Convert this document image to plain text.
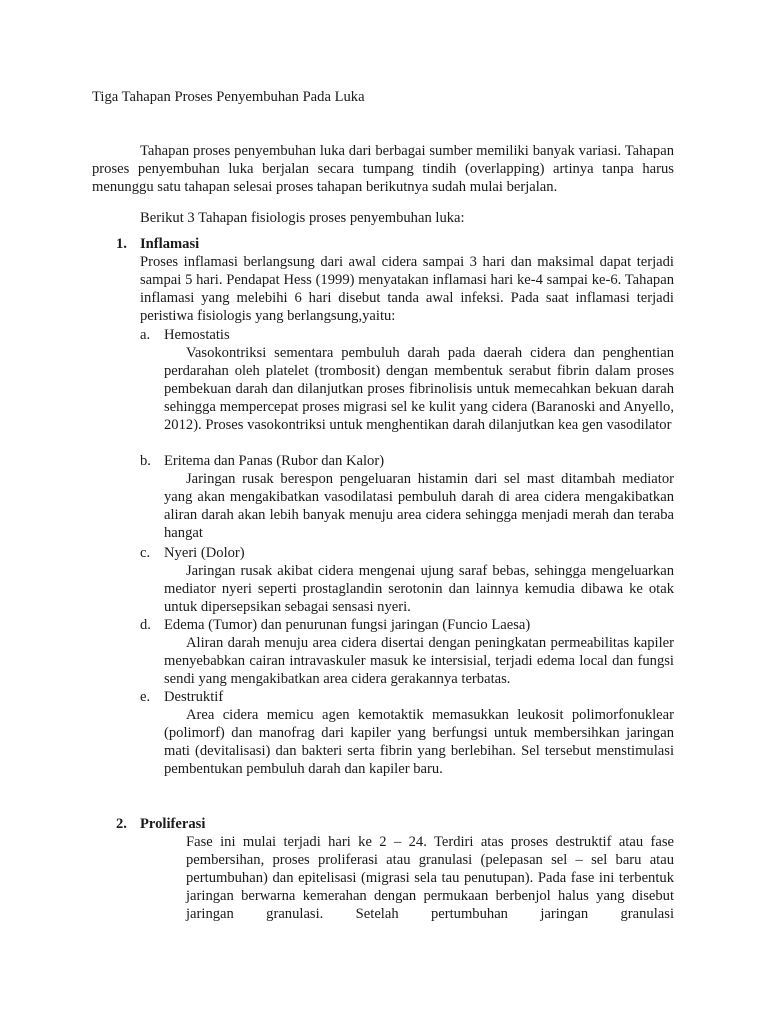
Tiga Tahapan Proses Penyembuhan Pada Luka
Tahapan proses penyembuhan luka dari berbagai sumber memiliki banyak variasi. Tahapan proses penyembuhan luka berjalan secara tumpang tindih (overlapping) artinya tanpa harus menunggu satu tahapan selesai proses tahapan berikutnya sudah mulai berjalan.
Berikut 3 Tahapan fisiologis proses penyembuhan luka:
1. Inflamasi
Proses inflamasi berlangsung dari awal cidera sampai 3 hari dan maksimal dapat terjadi sampai 5 hari. Pendapat Hess (1999) menyatakan inflamasi hari ke-4 sampai ke-6. Tahapan inflamasi yang melebihi 6 hari disebut tanda awal infeksi. Pada saat inflamasi terjadi peristiwa fisiologis yang berlangsung,yaitu:
a. Hemostatis
Vasokontriksi sementara pembuluh darah pada daerah cidera dan penghentian perdarahan oleh platelet (trombosit) dengan membentuk serabut fibrin dalam proses pembekuan darah dan dilanjutkan proses fibrinolisis untuk memecahkan bekuan darah sehingga mempercepat proses migrasi sel ke kulit yang cidera (Baranoski and Anyello, 2012). Proses vasokontriksi untuk menghentikan darah dilanjutkan kea gen vasodilator
b. Eritema dan Panas (Rubor dan Kalor)
Jaringan rusak berespon pengeluaran histamin dari sel mast ditambah mediator yang akan mengakibatkan vasodilatasi pembuluh darah di area cidera mengakibatkan aliran darah akan lebih banyak menuju area cidera sehingga menjadi merah dan teraba hangat
c. Nyeri (Dolor)
Jaringan rusak akibat cidera mengenai ujung saraf bebas, sehingga mengeluarkan mediator nyeri seperti prostaglandin serotonin dan lainnya kemudia dibawa ke otak untuk dipersepsikan sebagai sensasi nyeri.
d. Edema (Tumor) dan penurunan fungsi jaringan (Funcio Laesa)
Aliran darah menuju area cidera disertai dengan peningkatan permeabilitas kapiler menyebabkan cairan intravaskuler masuk ke intersisial, terjadi edema local dan fungsi sendi yang mengakibatkan area cidera gerakannya terbatas.
e. Destruktif
Area cidera memicu agen kemotaktik memasukkan leukosit polimorfonuklear (polimorf) dan manofrag dari kapiler yang berfungsi untuk membersihkan jaringan mati (devitalisasi) dan bakteri serta fibrin yang berlebihan. Sel tersebut menstimulasi pembentukan pembuluh darah dan kapiler baru.
2. Proliferasi
Fase ini mulai terjadi hari ke 2 – 24. Terdiri atas proses destruktif atau fase pembersihan, proses proliferasi atau granulasi (pelepasan sel – sel baru atau pertumbuhan) dan epitelisasi (migrasi sela tau penutupan). Pada fase ini terbentuk jaringan berwarna kemerahan dengan permukaan berbenjol halus yang disebut jaringan granulasi. Setelah pertumbuhan jaringan granulasi
